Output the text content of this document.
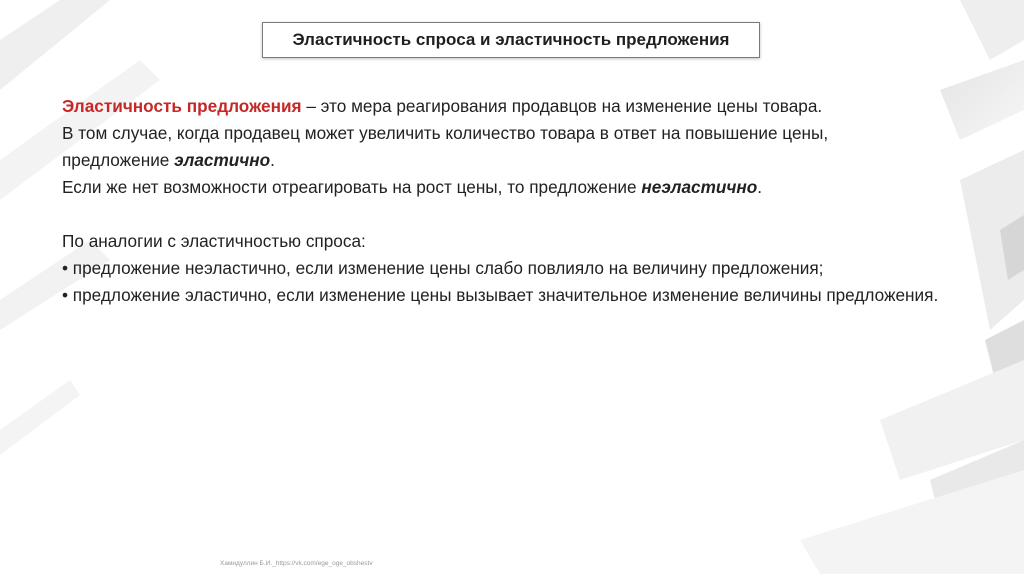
Эластичность спроса и эластичность предложения

Эластичность предложения – это мера реагирования продавцов на изменение цены товара.

В том случае, когда продавец может увеличить количество товара в ответ на повышение цены,

предложение эластично.

Если же нет возможности отреагировать на рост цены, то предложение неэластично.

По аналогии с эластичностью спроса:

• предложение неэластично, если изменение цены слабо повлияло на величину предложения;

• предложение эластично, если изменение цены вызывает значительное изменение величины предложения.

Хамидуллин Б.И._https://vk.com/ege_oge_obshestv
